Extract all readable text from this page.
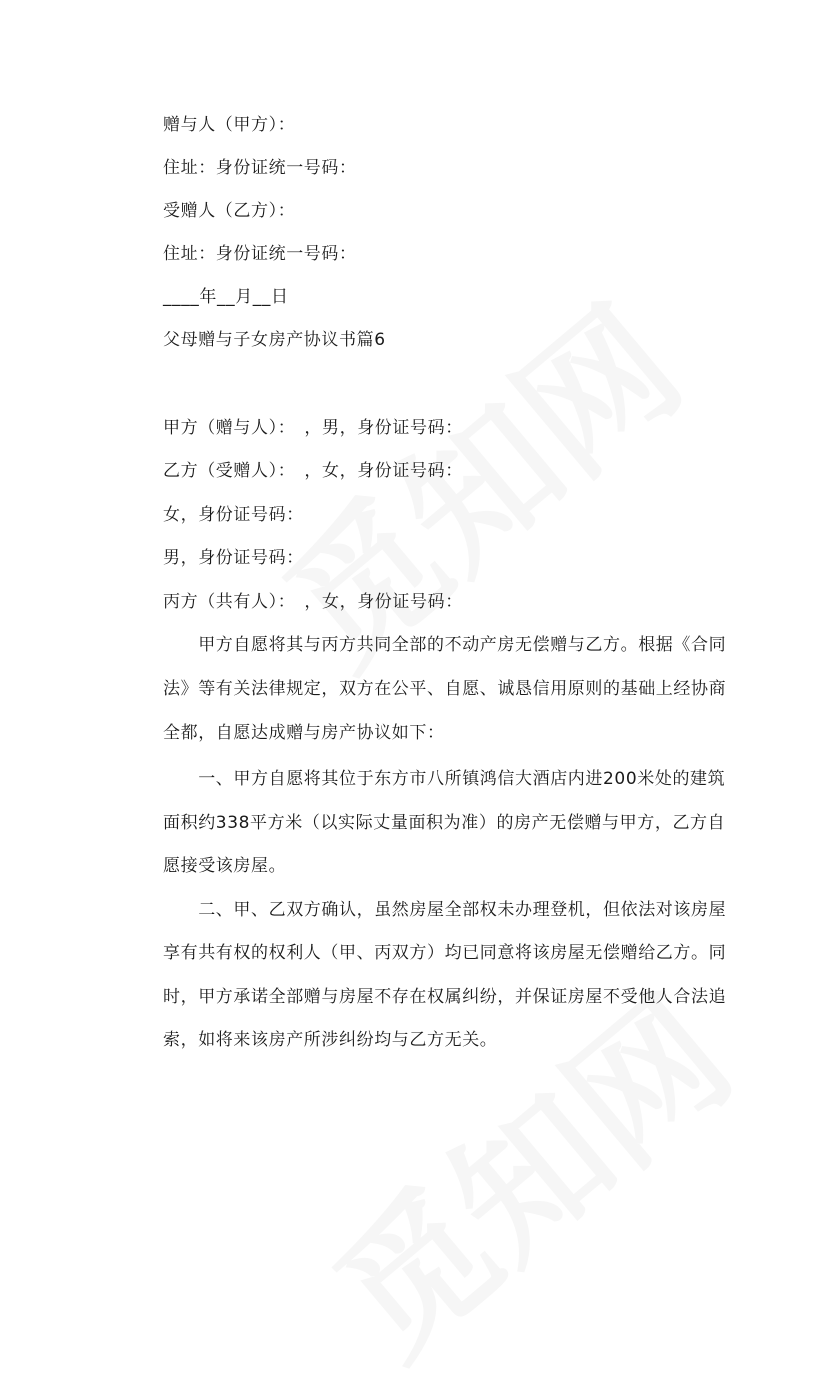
赠与人（甲方）：
住址：身份证统一号码：
受赠人（乙方）：
住址：身份证统一号码：
____年__月__日
父母赠与子女房产协议书篇6
甲方（赠与人）：　，男，身份证号码：
乙方（受赠人）：　，女，身份证号码：
女，身份证号码：
男，身份证号码：
丙方（共有人）：　，女，身份证号码：
　　甲方自愿将其与丙方共同全部的不动产房无偿赠与乙方。根据《合同
法》等有关法律规定，双方在公平、自愿、诚恳信用原则的基础上经协商
全都，自愿达成赠与房产协议如下：
　　一、甲方自愿将其位于东方市八所镇鸿信大酒店内进200米处的建筑
面积约338平方米（以实际丈量面积为准）的房产无偿赠与甲方，乙方自
愿接受该房屋。
　　二、甲、乙双方确认，虽然房屋全部权未办理登机，但依法对该房屋
享有共有权的权利人（甲、丙双方）均已同意将该房屋无偿赠给乙方。同
时，甲方承诺全部赠与房屋不存在权属纠纷，并保证房屋不受他人合法追
索，如将来该房产所涉纠纷均与乙方无关。
